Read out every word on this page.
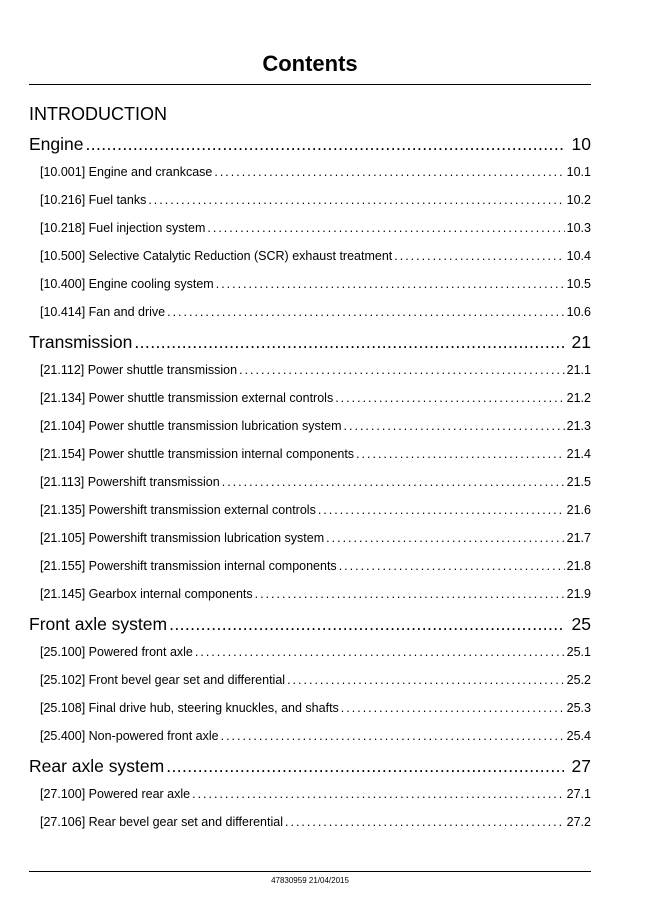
Contents
INTRODUCTION
Engine .....	10
[10.001] Engine and crankcase .....	10.1
[10.216] Fuel tanks .....	10.2
[10.218] Fuel injection system .....	10.3
[10.500] Selective Catalytic Reduction (SCR) exhaust treatment .....	10.4
[10.400] Engine cooling system .....	10.5
[10.414] Fan and drive .....	10.6
Transmission .....	21
[21.112] Power shuttle transmission .....	21.1
[21.134] Power shuttle transmission external controls .....	21.2
[21.104] Power shuttle transmission lubrication system .....	21.3
[21.154] Power shuttle transmission internal components .....	21.4
[21.113] Powershift transmission .....	21.5
[21.135] Powershift transmission external controls .....	21.6
[21.105] Powershift transmission lubrication system .....	21.7
[21.155] Powershift transmission internal components .....	21.8
[21.145] Gearbox internal components .....	21.9
Front axle system .....	25
[25.100] Powered front axle .....	25.1
[25.102] Front bevel gear set and differential .....	25.2
[25.108] Final drive hub, steering knuckles, and shafts .....	25.3
[25.400] Non-powered front axle .....	25.4
Rear axle system .....	27
[27.100] Powered rear axle .....	27.1
[27.106] Rear bevel gear set and differential .....	27.2
47830959 21/04/2015
